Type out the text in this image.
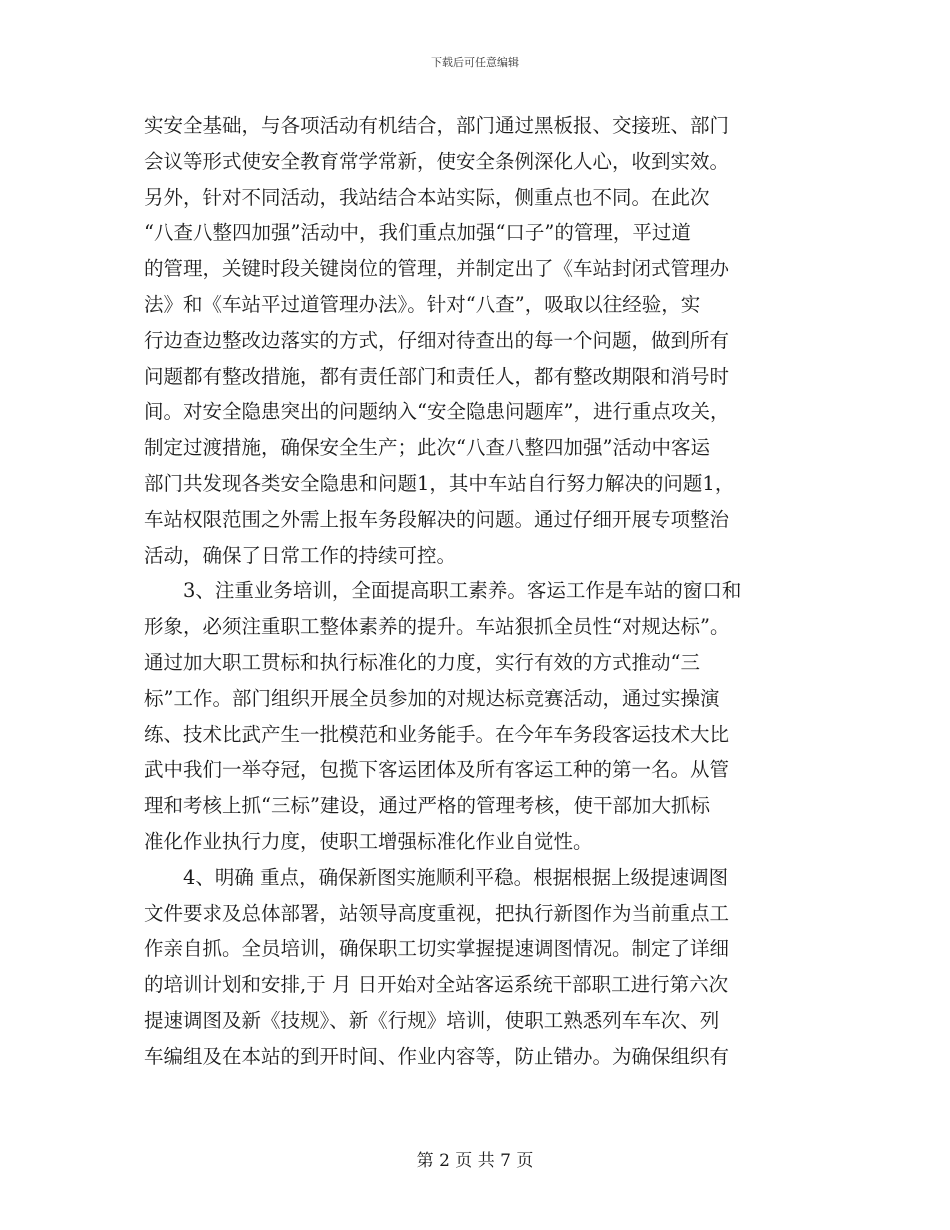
下载后可任意编辑
实安全基础，与各项活动有机结合，部门通过黑板报、交接班、部门
会议等形式使安全教育常学常新，使安全条例深化人心，收到实效。
另外，针对不同活动，我站结合本站实际，侧重点也不同。在此次
“八查八整四加强”活动中，我们重点加强“口子”的管理，平过道
的管理，关键时段关键岗位的管理，并制定出了《车站封闭式管理办
法》和《车站平过道管理办法》。针对“八查”，吸取以往经验，实
行边查边整改边落实的方式，仔细对待查出的每一个问题，做到所有
问题都有整改措施，都有责任部门和责任人，都有整改期限和消号时
间。对安全隐患突出的问题纳入“安全隐患问题库”，进行重点攻关，
制定过渡措施，确保安全生产；此次“八查八整四加强”活动中客运
部门共发现各类安全隐患和问题1，其中车站自行努力解决的问题1，
车站权限范围之外需上报车务段解决的问题。通过仔细开展专项整治
活动，确保了日常工作的持续可控。
　　3、注重业务培训，全面提高职工素养。客运工作是车站的窗口和
形象，必须注重职工整体素养的提升。车站狠抓全员性“对规达标”。
通过加大职工贯标和执行标准化的力度，实行有效的方式推动“三
标”工作。部门组织开展全员参加的对规达标竞赛活动，通过实操演
练、技术比武产生一批模范和业务能手。在今年车务段客运技术大比
武中我们一举夺冠，包揽下客运团体及所有客运工种的第一名。从管
理和考核上抓“三标”建设，通过严格的管理考核，使干部加大抓标
准化作业执行力度，使职工增强标准化作业自觉性。
　　4、明确 重点，确保新图实施顺利平稳。根据根据上级提速调图
文件要求及总体部署，站领导高度重视，把执行新图作为当前重点工
作亲自抓。全员培训，确保职工切实掌握提速调图情况。制定了详细
的培训计划和安排,于 月 日开始对全站客运系统干部职工进行第六次
提速调图及新《技规》、新《行规》培训，使职工熟悉列车车次、列
车编组及在本站的到开时间、作业内容等，防止错办。为确保组织有
第 2 页 共 7 页
